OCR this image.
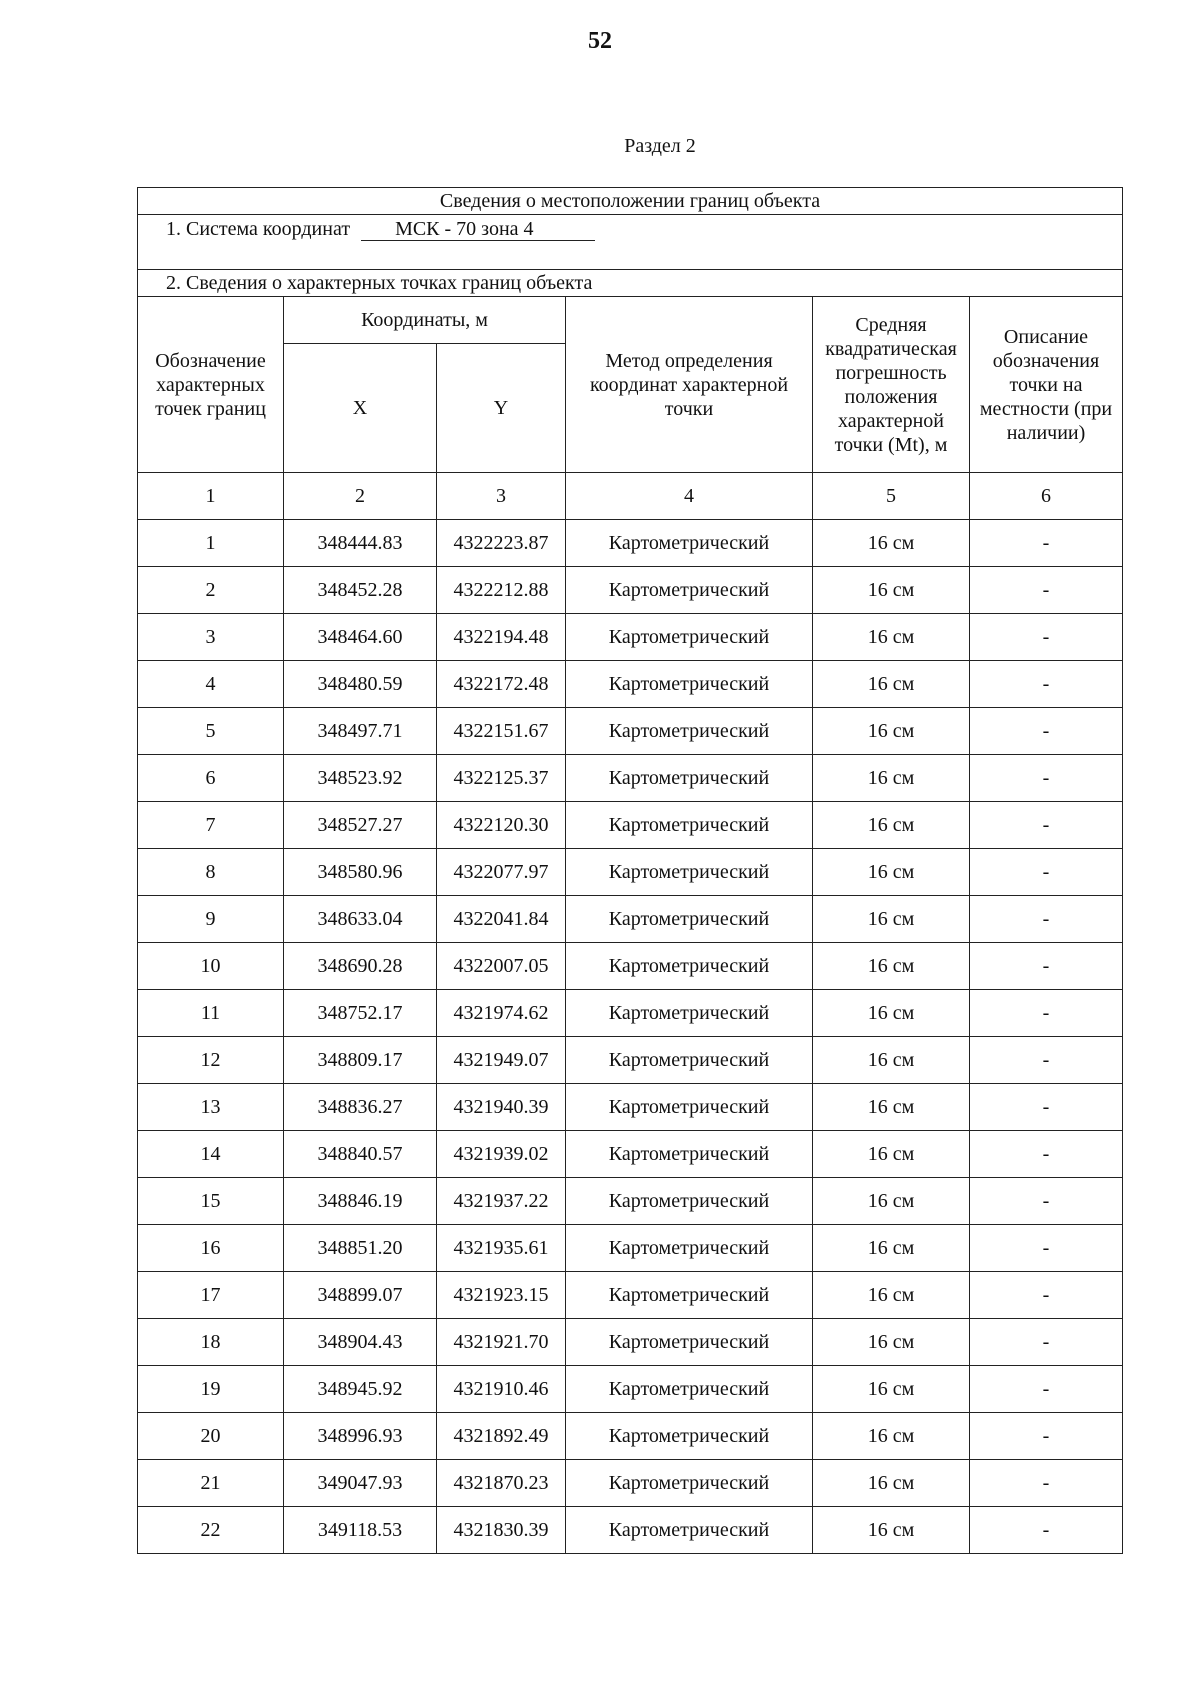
52
Раздел 2
Сведения о местоположении границ объекта					
1. Система координат МСК - 70 зона 4					
2. Сведения о характерных точках границ объекта					
Обозначение характерных точек границ	Координаты, м		Метод определения координат характерной точки	Средняя квадратическая погрешность положения характерной точки (Mt), м	Описание обозначения точки на местности (при наличии)
	X	Y			
1	2	3	4	5	6
1	348444.83	4322223.87	Картометрический	16 см	-
2	348452.28	4322212.88	Картометрический	16 см	-
3	348464.60	4322194.48	Картометрический	16 см	-
4	348480.59	4322172.48	Картометрический	16 см	-
5	348497.71	4322151.67	Картометрический	16 см	-
6	348523.92	4322125.37	Картометрический	16 см	-
7	348527.27	4322120.30	Картометрический	16 см	-
8	348580.96	4322077.97	Картометрический	16 см	-
9	348633.04	4322041.84	Картометрический	16 см	-
10	348690.28	4322007.05	Картометрический	16 см	-
11	348752.17	4321974.62	Картометрический	16 см	-
12	348809.17	4321949.07	Картометрический	16 см	-
13	348836.27	4321940.39	Картометрический	16 см	-
14	348840.57	4321939.02	Картометрический	16 см	-
15	348846.19	4321937.22	Картометрический	16 см	-
16	348851.20	4321935.61	Картометрический	16 см	-
17	348899.07	4321923.15	Картометрический	16 см	-
18	348904.43	4321921.70	Картометрический	16 см	-
19	348945.92	4321910.46	Картометрический	16 см	-
20	348996.93	4321892.49	Картометрический	16 см	-
21	349047.93	4321870.23	Картометрический	16 см	-
22	349118.53	4321830.39	Картометрический	16 см	-
